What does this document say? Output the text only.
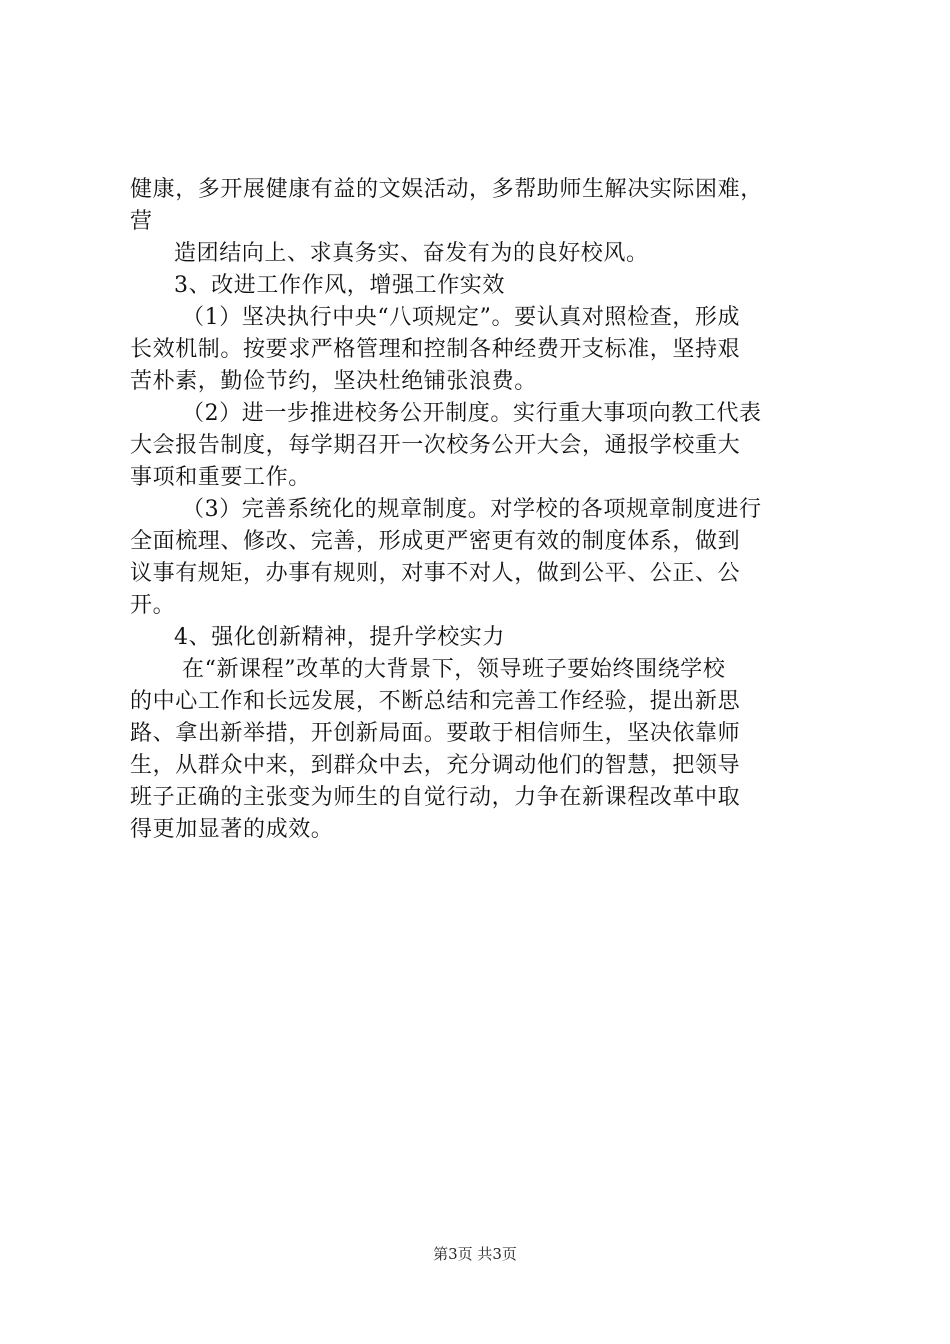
健康，多开展健康有益的文娱活动，多帮助师生解决实际困难，
营
造团结向上、求真务实、奋发有为的良好校风。
3、改进工作作风，增强工作实效
（1）坚决执行中央“八项规定”。要认真对照检查，形成
长效机制。按要求严格管理和控制各种经费开支标准，坚持艰
苦朴素，勤俭节约，坚决杜绝铺张浪费。
（2）进一步推进校务公开制度。实行重大事项向教工代表
大会报告制度，每学期召开一次校务公开大会，通报学校重大
事项和重要工作。
（3）完善系统化的规章制度。对学校的各项规章制度进行
全面梳理、修改、完善，形成更严密更有效的制度体系，做到
议事有规矩，办事有规则，对事不对人，做到公平、公正、公
开。
4、强化创新精神，提升学校实力
在“新课程”改革的大背景下，领导班子要始终围绕学校
的中心工作和长远发展，不断总结和完善工作经验，提出新思
路、拿出新举措，开创新局面。要敢于相信师生，坚决依靠师
生，从群众中来，到群众中去，充分调动他们的智慧，把领导
班子正确的主张变为师生的自觉行动，力争在新课程改革中取
得更加显著的成效。
第3页 共3页
